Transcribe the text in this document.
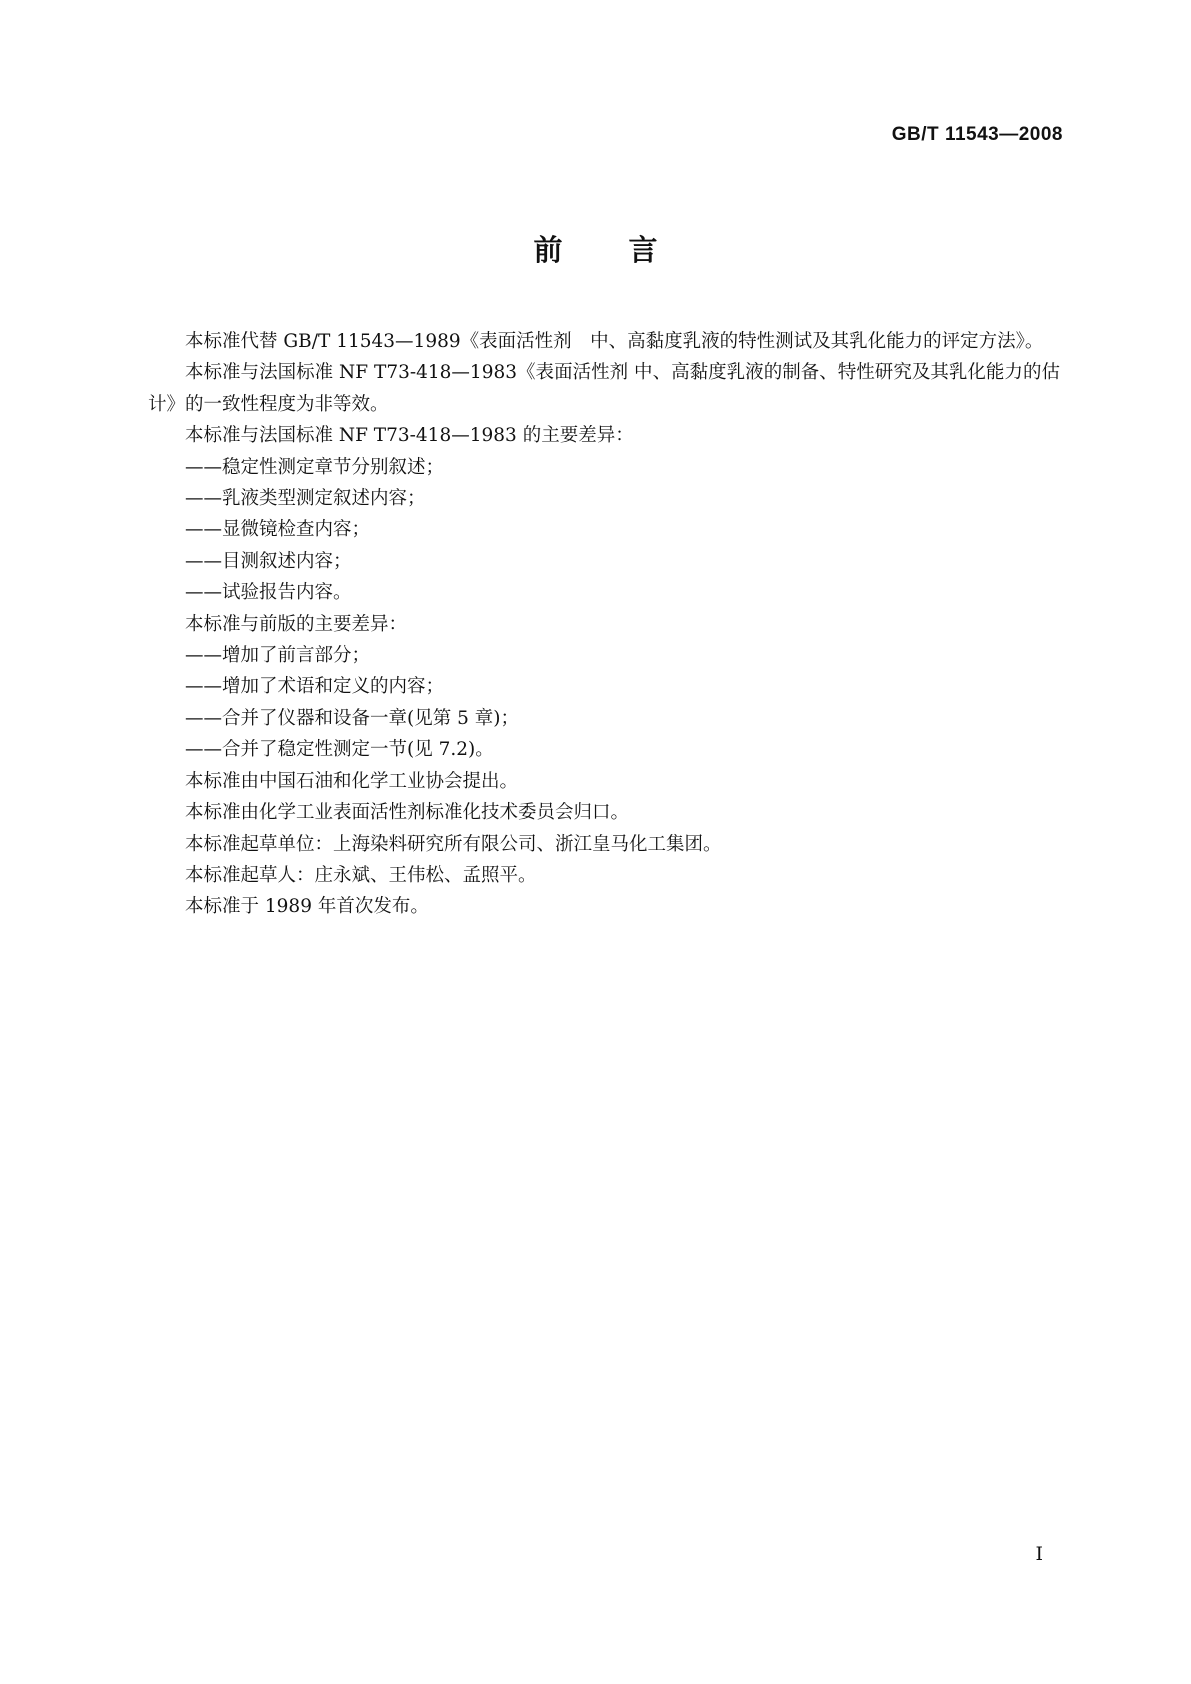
GB/T 11543—2008
前 言

本标准代替 GB/T 11543—1989《表面活性剂　中、高黏度乳液的特性测试及其乳化能力的评定方法》。

本标准与法国标准 NF T73-418—1983《表面活性剂 中、高黏度乳液的制备、特性研究及其乳化能力的估计》的一致性程度为非等效。

本标准与法国标准 NF T73-418—1983 的主要差异：

——稳定性测定章节分别叙述；

——乳液类型测定叙述内容；

——显微镜检查内容；

——目测叙述内容；

——试验报告内容。

本标准与前版的主要差异：

——增加了前言部分；

——增加了术语和定义的内容；

——合并了仪器和设备一章(见第 5 章)；

——合并了稳定性测定一节(见 7.2)。

本标准由中国石油和化学工业协会提出。

本标准由化学工业表面活性剂标准化技术委员会归口。

本标准起草单位：上海染料研究所有限公司、浙江皇马化工集团。

本标准起草人：庄永斌、王伟松、孟照平。

本标准于 1989 年首次发布。

I
